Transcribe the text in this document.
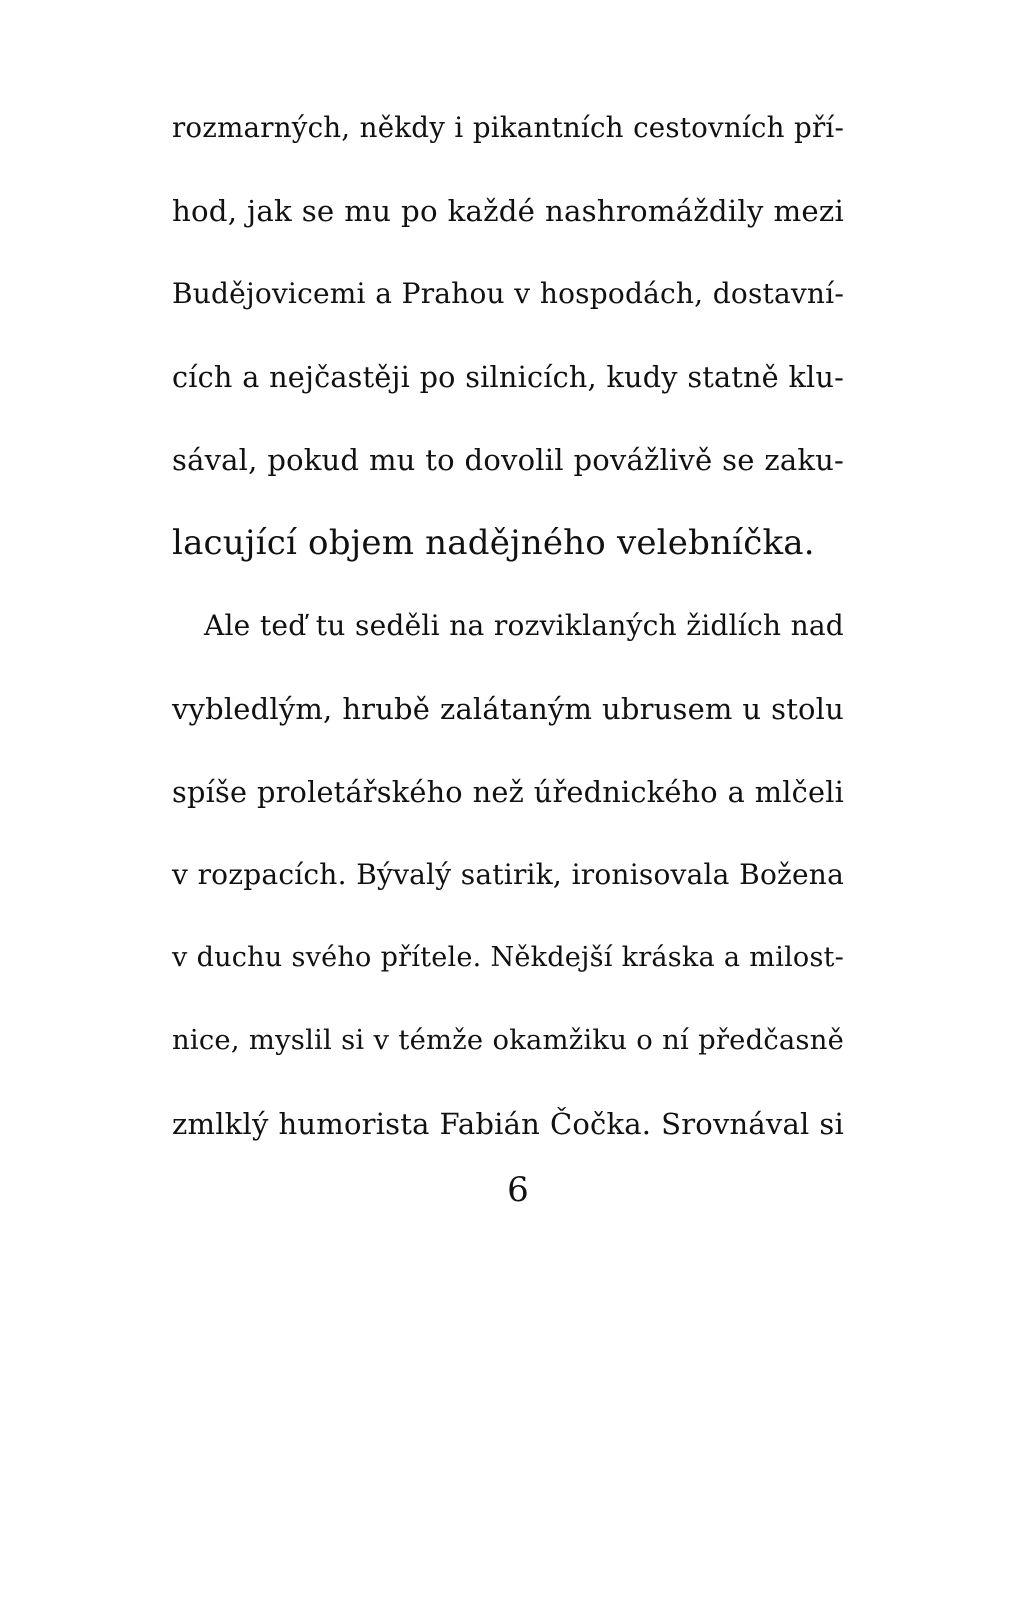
rozmarných, někdy i pikantních cestovních pří-
hod, jak se mu po každé nashromáždily mezi
Budějovicemi a Prahou v hospodách, dostavní-
cích a nejčastěji po silnicích, kudy statně klu-
sával, pokud mu to dovolil povážlivě se zaku-
lacující objem nadějného velebníčka.
Ale teď tu seděli na rozviklaných židlích nad
vybledlým, hrubě zalátaným ubrusem u stolu
spíše proletářského než úřednického a mlčeli
v rozpacích. Bývalý satirik, ironisovala Božena
v duchu svého přítele. Někdejší kráska a milost-
nice, myslil si v témže okamžiku o ní předčasně
zmlklý humorista Fabián Čočka. Srovnával si
6
